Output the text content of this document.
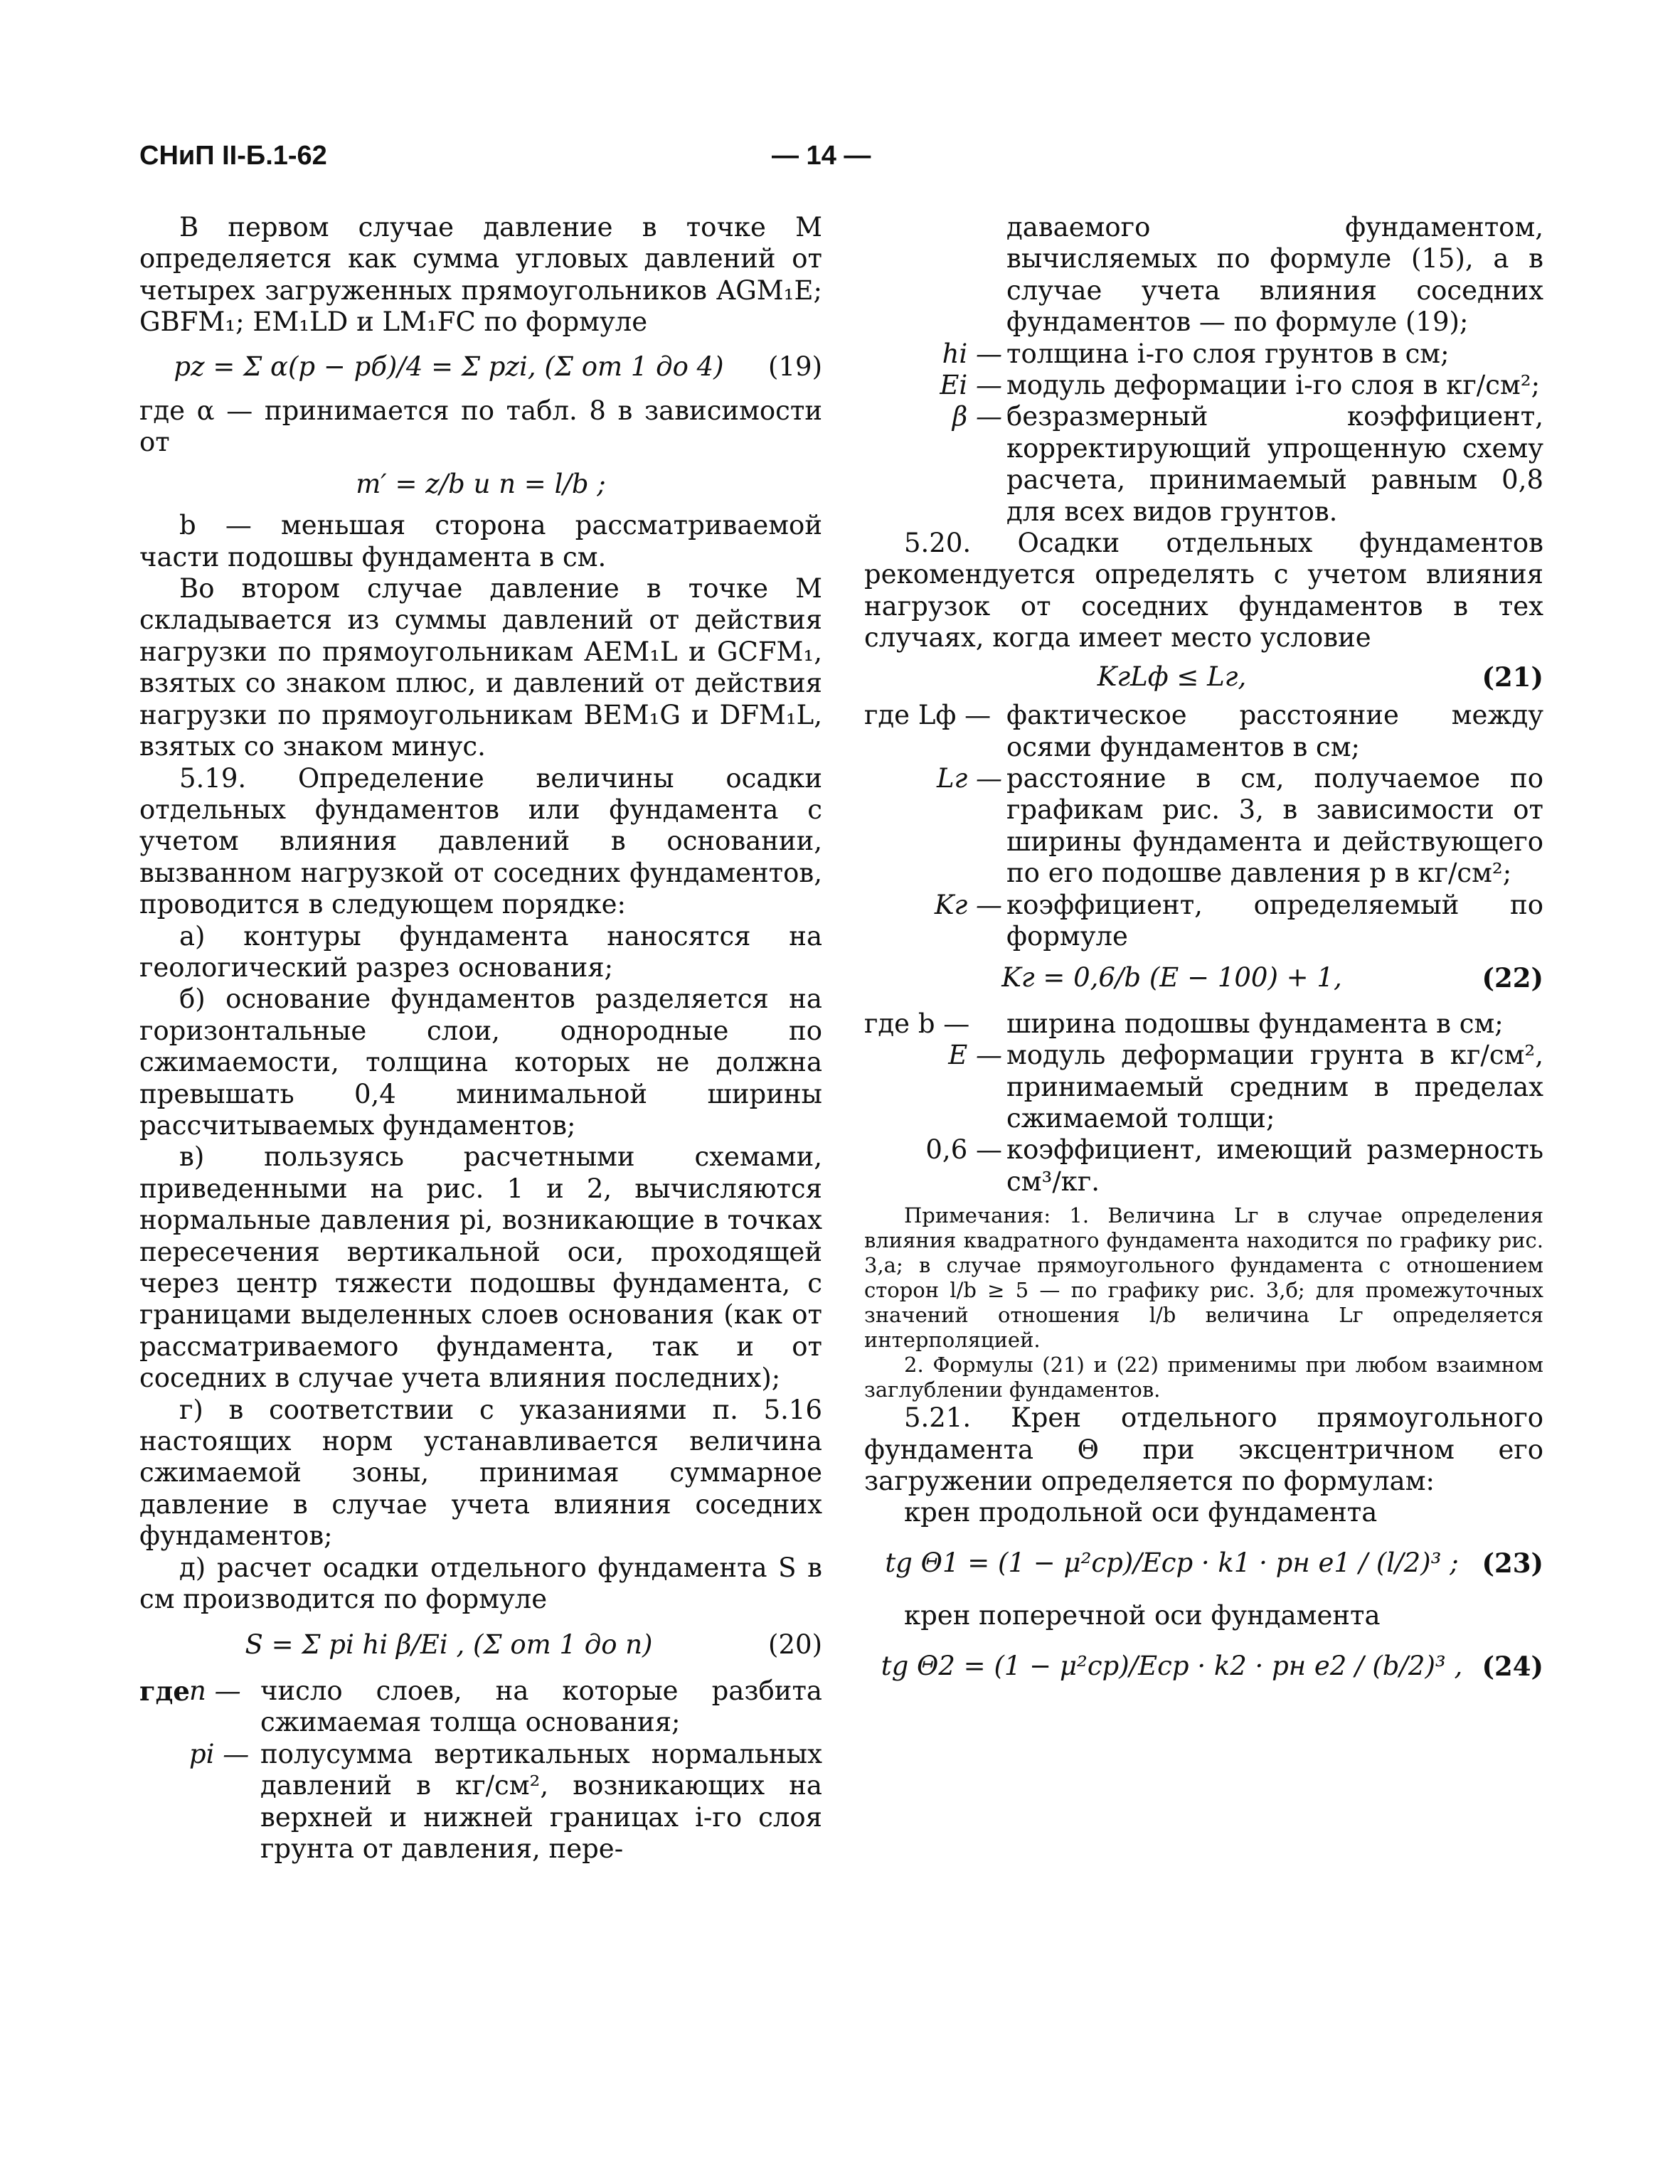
СНиП II-Б.1-62	— 14 —

В первом случае давление в точке M определяется как сумма угловых давлений от четырех загруженных прямоугольников AGM₁E; GBFM₁; EM₁LD и LM₁FC по формуле

pz = Σ α(p − pб)/4 = Σ pzi, (Σ от 1 до 4)	(19)

где α — принимается по табл. 8 в зависимости от

m′ = z/b и n = l/b ;

b — меньшая сторона рассматриваемой части подошвы фундамента в см.

Во втором случае давление в точке M складывается из суммы давлений от действия нагрузки по прямоугольникам AEM₁L и GCFM₁, взятых со знаком плюс, и давлений от действия нагрузки по прямоугольникам BEM₁G и DFM₁L, взятых со знаком минус.

5.19. Определение величины осадки отдельных фундаментов или фундамента с учетом влияния давлений в основании, вызванном нагрузкой от соседних фундаментов, проводится в следующем порядке:

а) контуры фундамента наносятся на геологический разрез основания;

б) основание фундаментов разделяется на горизонтальные слои, однородные по сжимаемости, толщина которых не должна превышать 0,4 минимальной ширины рассчитываемых фундаментов;

в) пользуясь расчетными схемами, приведенными на рис. 1 и 2, вычисляются нормальные давления pi, возникающие в точках пересечения вертикальной оси, проходящей через центр тяжести подошвы фундамента, с границами выделенных слоев основания (как от рассматриваемого фундамента, так и от соседних в случае учета влияния последних);

г) в соответствии с указаниями п. 5.16 настоящих норм устанавливается величина сжимаемой зоны, принимая суммарное давление в случае учета влияния соседних фундаментов;

д) расчет осадки отдельного фундамента S в см производится по формуле

S = Σ pi hi β/Ei , (Σ от 1 до n)	(20)
где n — число слоев, на которые разбита сжимаемая толща основания;
pi — полусумма вертикальных нормальных давлений в кг/см², возникающих на верхней и нижней границах i-го слоя грунта от давления, пере-

даваемого фундаментом, вычисляемых по формуле (15), а в случае учета влияния соседних фундаментов — по формуле (19);

hi — толщина i-го слоя грунтов в см;
Ei — модуль деформации i-го слоя в кг/см²;
β — безразмерный коэффициент, корректирующий упрощенную схему расчета, принимаемый равным 0,8 для всех видов грунтов.

5.20. Осадки отдельных фундаментов рекомендуется определять с учетом влияния нагрузок от соседних фундаментов в тех случаях, когда имеет место условие

KгLф ≤ Lг,	(21)
где Lф — фактическое расстояние между осями фундаментов в см;
Lг — расстояние в см, получаемое по графикам рис. 3, в зависимости от ширины фундамента и действующего по его подошве давления p в кг/см²;
Kг — коэффициент, определяемый по формуле
Kг = 0,6/b (E − 100) + 1,	(22)
где b —	ширина подошвы фундамента в см;
E — модуль деформации грунта в кг/см², принимаемый средним в пределах сжимаемой толщи;
0,6 — коэффициент, имеющий размерность см³/кг.

Примечания: 1. Величина Lг в случае определения влияния квадратного фундамента находится по графику рис. 3,а; в случае прямоугольного фундамента с отношением сторон l/b ≥ 5 — по графику рис. 3,б; для промежуточных значений отношения l/b величина Lг определяется интерполяцией.

2. Формулы (21) и (22) применимы при любом взаимном заглублении фундаментов.

5.21. Крен отдельного прямоугольного фундамента Θ при эксцентричном его загружении определяется по формулам:

крен продольной оси фундамента

tg Θ1 = (1 − μ²ср)/Eср · k1 · pн e1 / (l/2)³ ; (23)

крен поперечной оси фундамента

tg Θ2 = (1 − μ²ср)/Eср · k2 · pн e2 / (b/2)³ , (24)
